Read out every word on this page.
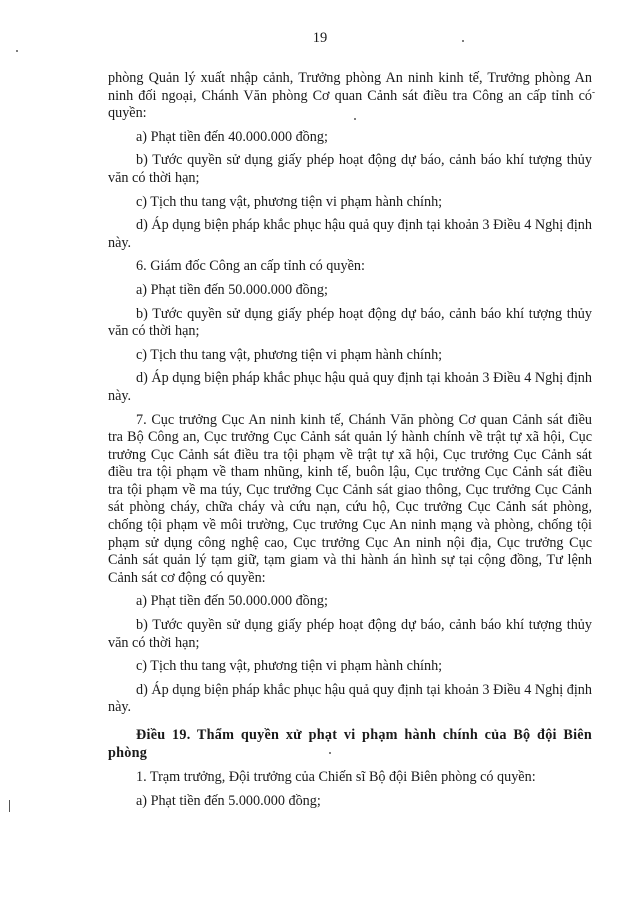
19

phòng Quản lý xuất nhập cảnh, Trưởng phòng An ninh kinh tế, Trưởng phòng An ninh đối ngoại, Chánh Văn phòng Cơ quan Cảnh sát điều tra Công an cấp tỉnh có quyền:

a) Phạt tiền đến 40.000.000 đồng;

b) Tước quyền sử dụng giấy phép hoạt động dự báo, cảnh báo khí tượng thủy văn có thời hạn;

c) Tịch thu tang vật, phương tiện vi phạm hành chính;

d) Áp dụng biện pháp khắc phục hậu quả quy định tại khoản 3 Điều 4 Nghị định này.

6. Giám đốc Công an cấp tỉnh có quyền:

a) Phạt tiền đến 50.000.000 đồng;

b) Tước quyền sử dụng giấy phép hoạt động dự báo, cảnh báo khí tượng thủy văn có thời hạn;

c) Tịch thu tang vật, phương tiện vi phạm hành chính;

d) Áp dụng biện pháp khắc phục hậu quả quy định tại khoản 3 Điều 4 Nghị định này.

7. Cục trưởng Cục An ninh kinh tế, Chánh Văn phòng Cơ quan Cảnh sát điều tra Bộ Công an, Cục trưởng Cục Cảnh sát quản lý hành chính về trật tự xã hội, Cục trưởng Cục Cảnh sát điều tra tội phạm về trật tự xã hội, Cục trưởng Cục Cảnh sát điều tra tội phạm về tham nhũng, kinh tế, buôn lậu, Cục trưởng Cục Cảnh sát điều tra tội phạm về ma túy, Cục trưởng Cục Cảnh sát giao thông, Cục trưởng Cục Cảnh sát phòng cháy, chữa cháy và cứu nạn, cứu hộ, Cục trưởng Cục Cảnh sát phòng, chống tội phạm về môi trường, Cục trưởng Cục An ninh mạng và phòng, chống tội phạm sử dụng công nghệ cao, Cục trưởng Cục An ninh nội địa, Cục trưởng Cục Cảnh sát quản lý tạm giữ, tạm giam và thi hành án hình sự tại cộng đồng, Tư lệnh Cảnh sát cơ động có quyền:

a) Phạt tiền đến 50.000.000 đồng;

b) Tước quyền sử dụng giấy phép hoạt động dự báo, cảnh báo khí tượng thủy văn có thời hạn;

c) Tịch thu tang vật, phương tiện vi phạm hành chính;

d) Áp dụng biện pháp khắc phục hậu quả quy định tại khoản 3 Điều 4 Nghị định này.

Điều 19. Thẩm quyền xử phạt vi phạm hành chính của Bộ đội Biên phòng

1. Trạm trưởng, Đội trưởng của Chiến sĩ Bộ đội Biên phòng có quyền:

a) Phạt tiền đến 5.000.000 đồng;
